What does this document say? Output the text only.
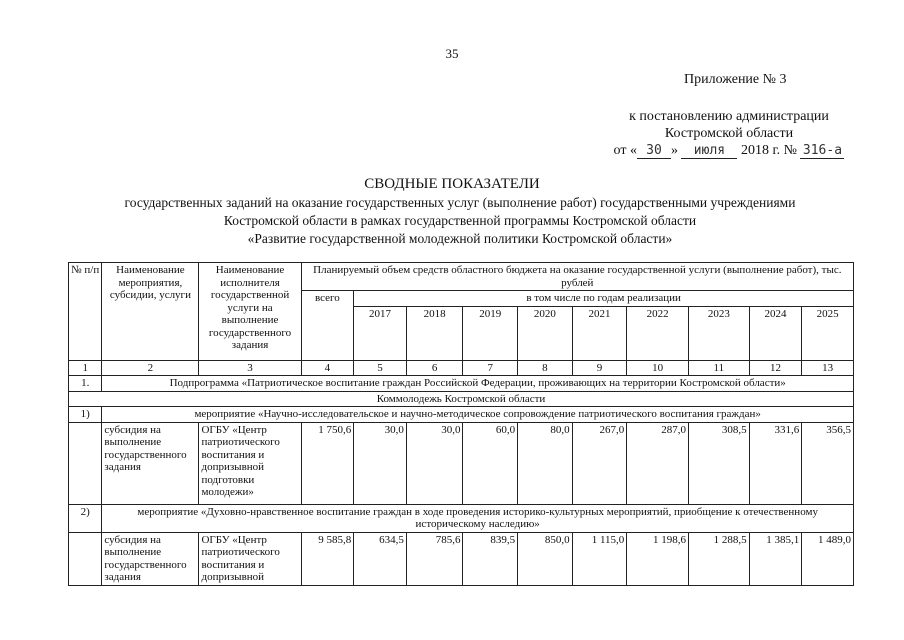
35
Приложение № 3
к постановлению администрации
Костромской области
от « 30 » июля 2018 г. № 316-а
СВОДНЫЕ ПОКАЗАТЕЛИ
государственных заданий на оказание государственных услуг (выполнение работ) государственными учреждениями
Костромской области в рамках государственной программы Костромской области
«Развитие государственной молодежной политики Костромской области»
№ п/п	Наименование мероприятия, субсидии, услуги	Наименование исполнителя государственной услуги на выполнение государственного задания	Планируемый объем средств областного бюджета на оказание государственной услуги (выполнение работ), тыс. рублей									
			всего	в том числе по годам реализации								
				2017	2018	2019	2020	2021	2022	2023	2024	2025
1	2	3	4	5	6	7	8	9	10	11	12	13
1.	Подпрограмма «Патриотическое воспитание граждан Российской Федерации, проживающих на территории Костромской области»											
Коммолодежь Костромской области												
1)	мероприятие «Научно-исследовательское и научно-методическое сопровождение патриотического воспитания граждан»											
	субсидия на выполнение государственного задания	ОГБУ «Центр патриотического воспитания и допризывной подготовки молодежи»	1 750,6	30,0	30,0	60,0	80,0	267,0	287,0	308,5	331,6	356,5
2)	мероприятие «Духовно-нравственное воспитание граждан в ходе проведения историко-культурных мероприятий, приобщение к отечественному историческому наследию»											
	субсидия на выполнение государственного задания	ОГБУ «Центр патриотического воспитания и допризывной	9 585,8	634,5	785,6	839,5	850,0	1 115,0	1 198,6	1 288,5	1 385,1	1 489,0
